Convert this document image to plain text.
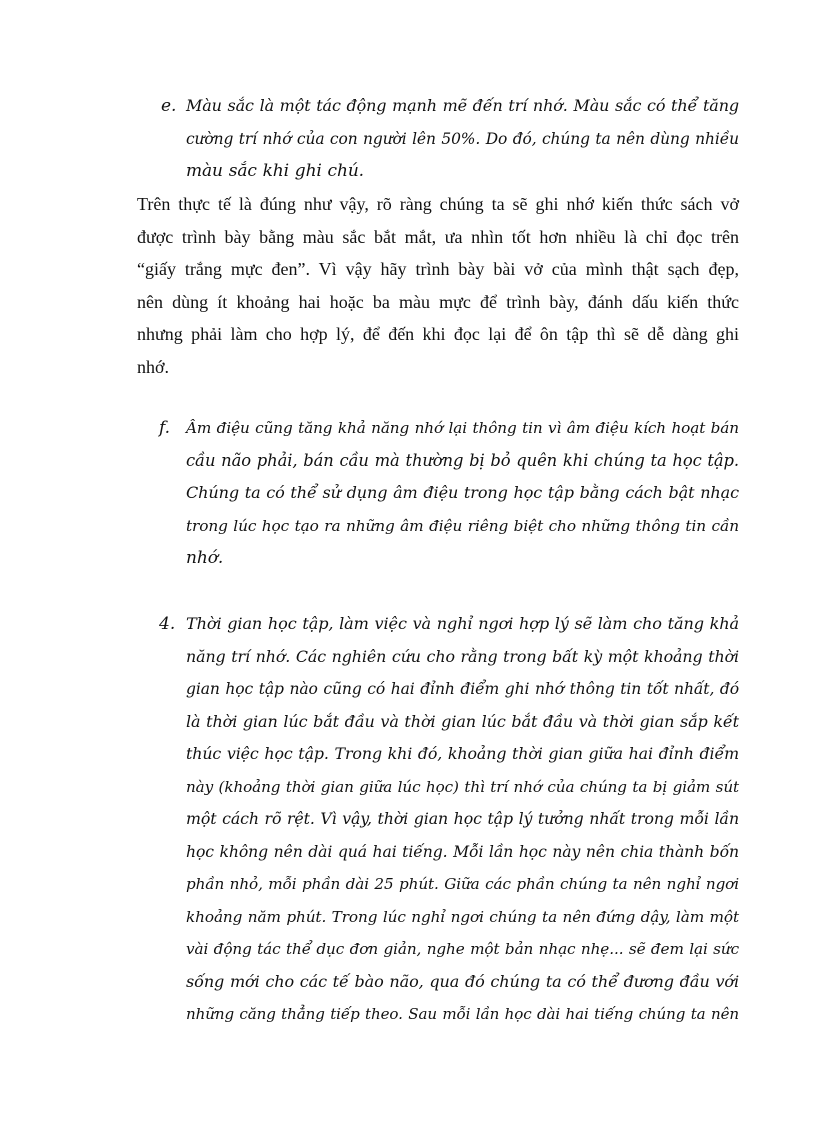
e. Màu sắc là một tác động mạnh mẽ đến trí nhớ. Màu sắc có thể tăng
cường trí nhớ của con người lên 50%. Do đó, chúng ta nên dùng nhiều
màu sắc khi ghi chú.
Trên thực tế là đúng như vậy, rõ ràng chúng ta sẽ ghi nhớ kiến thức sách vở
được trình bày bằng màu sắc bắt mắt, ưa nhìn tốt hơn nhiều là chỉ đọc trên
“giấy trắng mực đen”. Vì vậy hãy trình bày bài vở của mình thật sạch đẹp,
nên dùng ít khoảng hai hoặc ba màu mực để trình bày, đánh dấu kiến thức
nhưng phải làm cho hợp lý, để đến khi đọc lại để ôn tập thì sẽ dễ dàng ghi
nhớ.
f. Âm điệu cũng tăng khả năng nhớ lại thông tin vì âm điệu kích hoạt bán
cầu não phải, bán cầu mà thường bị bỏ quên khi chúng ta học tập.
Chúng ta có thể sử dụng âm điệu trong học tập bằng cách bật nhạc
trong lúc học tạo ra những âm điệu riêng biệt cho những thông tin cần
nhớ.
4. Thời gian học tập, làm việc và nghỉ ngơi hợp lý sẽ làm cho tăng khả
năng trí nhớ. Các nghiên cứu cho rằng trong bất kỳ một khoảng thời
gian học tập nào cũng có hai đỉnh điểm ghi nhớ thông tin tốt nhất, đó
là thời gian lúc bắt đầu và thời gian lúc bắt đầu và thời gian sắp kết
thúc việc học tập. Trong khi đó, khoảng thời gian giữa hai đỉnh điểm
này (khoảng thời gian giữa lúc học) thì trí nhớ của chúng ta bị giảm sút
một cách rõ rệt. Vì vậy, thời gian học tập lý tưởng nhất trong mỗi lần
học không nên dài quá hai tiếng. Mỗi lần học này nên chia thành bốn
phần nhỏ, mỗi phần dài 25 phút. Giữa các phần chúng ta nên nghỉ ngơi
khoảng năm phút. Trong lúc nghỉ ngơi chúng ta nên đứng dậy, làm một
vài động tác thể dục đơn giản, nghe một bản nhạc nhẹ... sẽ đem lại sức
sống mới cho các tế bào não, qua đó chúng ta có thể đương đầu với
những căng thẳng tiếp theo. Sau mỗi lần học dài hai tiếng chúng ta nên
